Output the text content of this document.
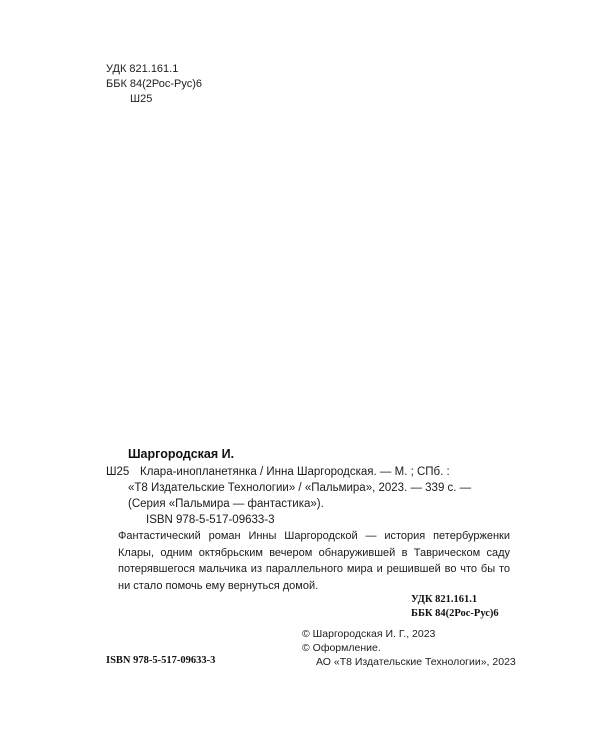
УДК 821.161.1
ББК 84(2Рос-Рус)6
Ш25
Шаргородская И.
Ш25 Клара-инопланетянка / Инна Шаргородская. — М. ; СПб. :
«Т8 Издательские Технологии» / «Пальмира», 2023. — 339 с. —
(Серия «Пальмира — фантастика»).
ISBN 978-5-517-09633-3

Фантастический роман Инны Шаргородской — история петербурженки Клары, одним октябрьским вечером обнаружившей в Таврическом саду потерявшегося мальчика из параллельного мира и решившей во что бы то ни стало помочь ему вернуться домой.

УДК 821.161.1
ББК 84(2Рос-Рус)6
© Шаргородская И. Г., 2023
© Оформление.
АО «Т8 Издательские Технологии», 2023
ISBN 978-5-517-09633-3
